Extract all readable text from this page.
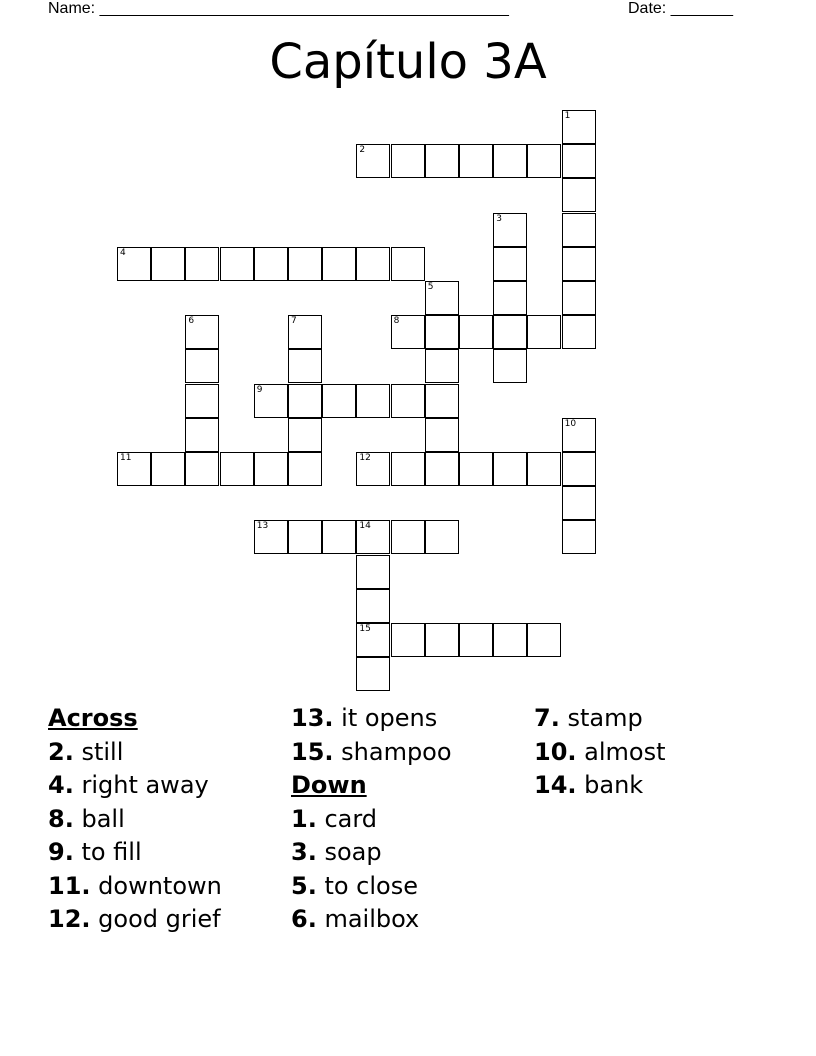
Name: ______________________________________________	Date: _______
Capítulo 3A
1
2
3
4
5
6	7	8
9
10
11	12
13	14
15
Across
2. still
4. right away
8. ball
9. to fill
11. downtown
12. good grief
13. it opens
15. shampoo
Down
1. card
3. soap
5. to close
6. mailbox
7. stamp
10. almost
14. bank
